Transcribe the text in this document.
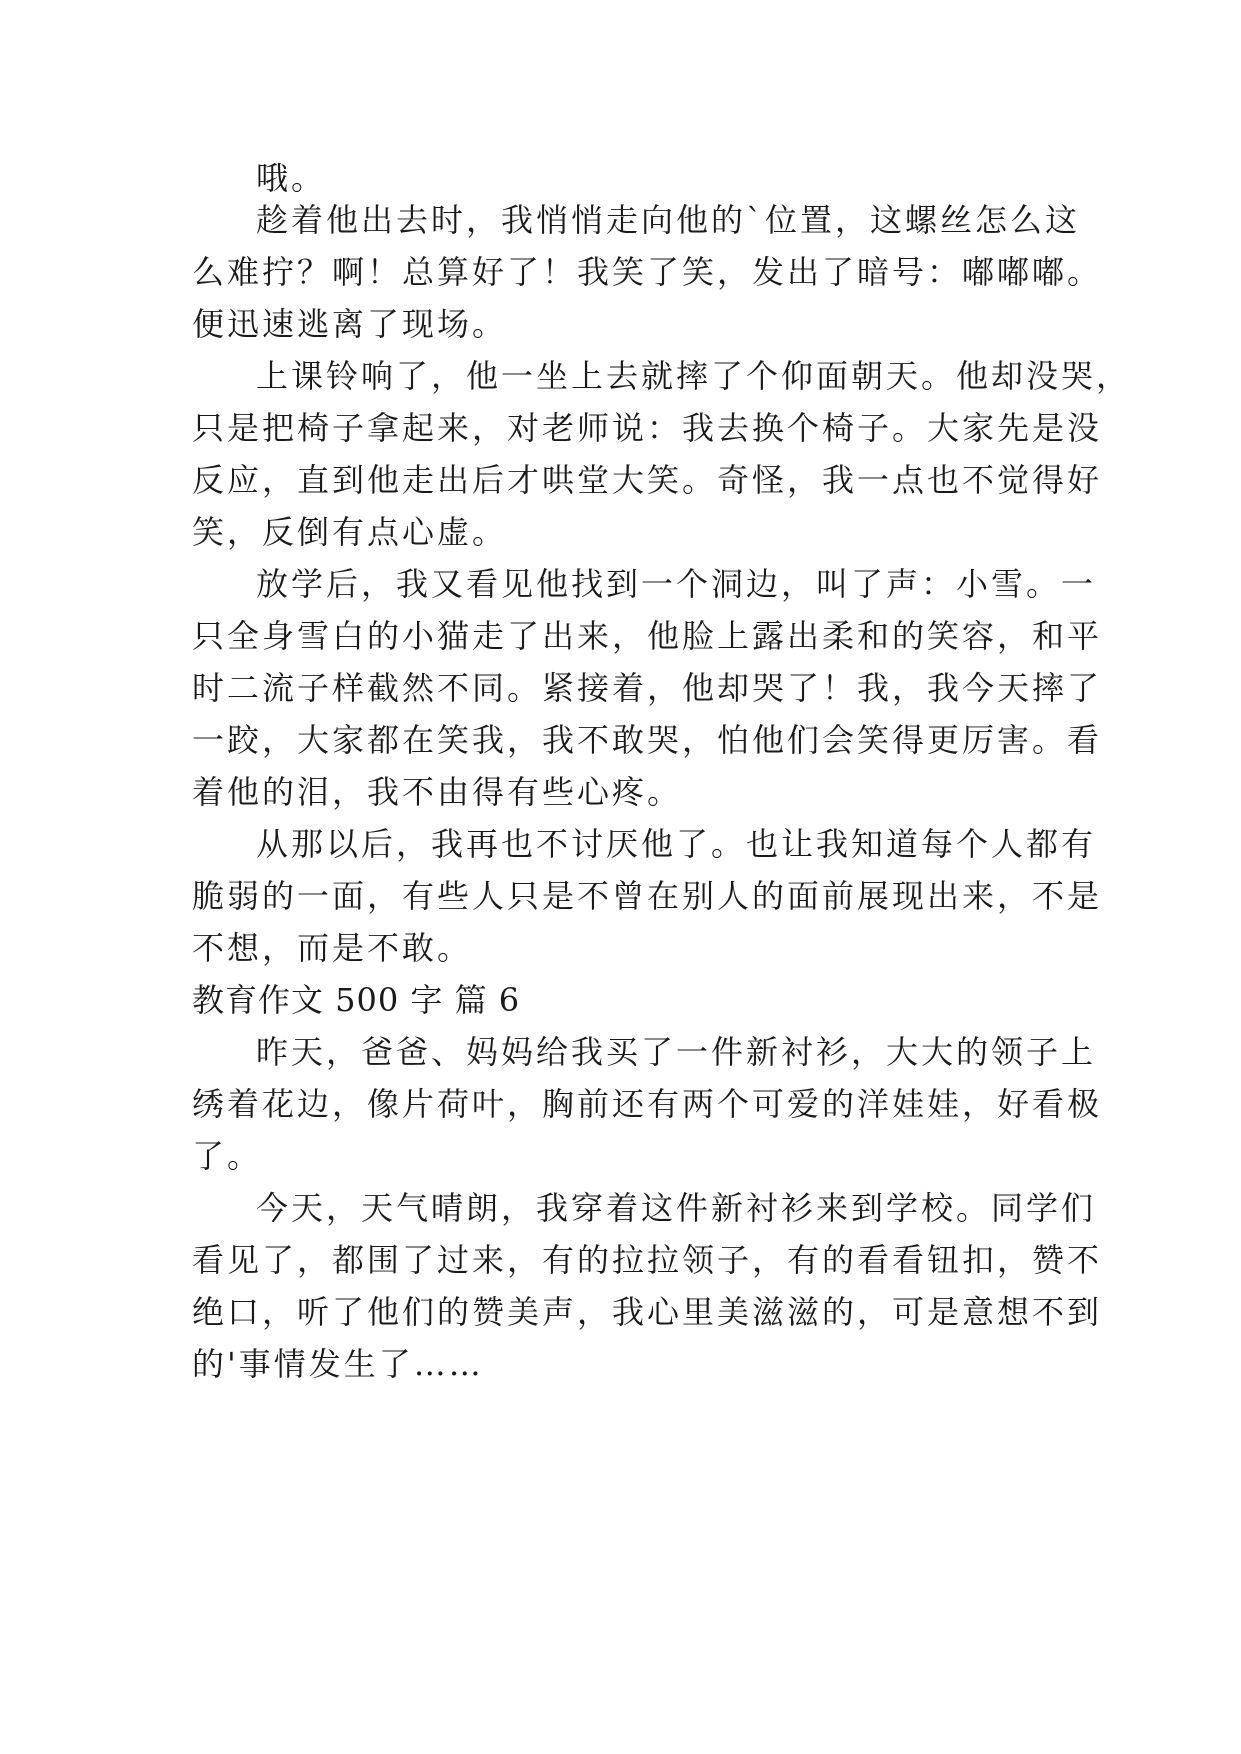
哦。
趁着他出去时，我悄悄走向他的`位置，这螺丝怎么这
么难拧？啊！总算好了！我笑了笑，发出了暗号：嘟嘟嘟。
便迅速逃离了现场。
上课铃响了，他一坐上去就摔了个仰面朝天。他却没哭，
只是把椅子拿起来，对老师说：我去换个椅子。大家先是没
反应，直到他走出后才哄堂大笑。奇怪，我一点也不觉得好
笑，反倒有点心虚。
放学后，我又看见他找到一个洞边，叫了声：小雪。一
只全身雪白的小猫走了出来，他脸上露出柔和的笑容，和平
时二流子样截然不同。紧接着，他却哭了！我，我今天摔了
一跤，大家都在笑我，我不敢哭，怕他们会笑得更厉害。看
着他的泪，我不由得有些心疼。
从那以后，我再也不讨厌他了。也让我知道每个人都有
脆弱的一面，有些人只是不曾在别人的面前展现出来，不是
不想，而是不敢。
教育作文 500 字 篇 6
昨天，爸爸、妈妈给我买了一件新衬衫，大大的领子上
绣着花边，像片荷叶，胸前还有两个可爱的洋娃娃，好看极
了。
今天，天气晴朗，我穿着这件新衬衫来到学校。同学们
看见了，都围了过来，有的拉拉领子，有的看看钮扣，赞不
绝口，听了他们的赞美声，我心里美滋滋的，可是意想不到
的'事情发生了……
